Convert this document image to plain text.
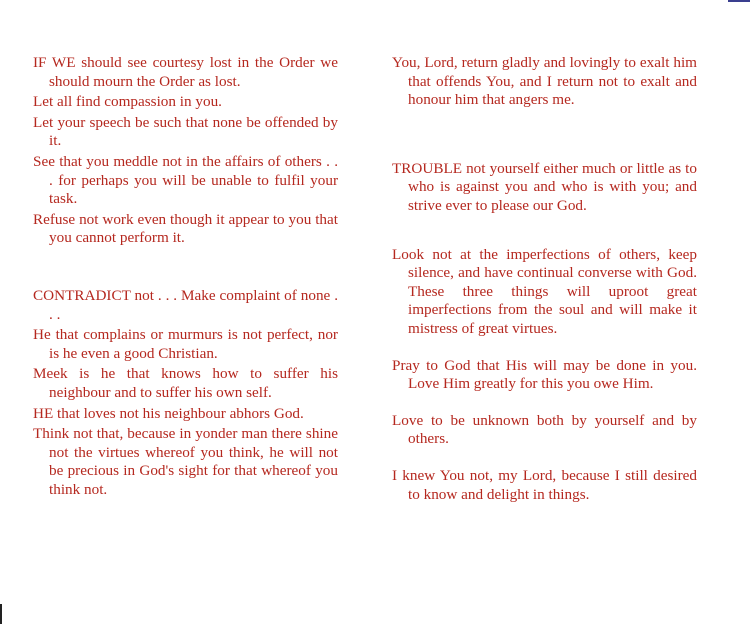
IF WE should see courtesy lost in the Order we should mourn the Order as lost.

Let all find compassion in you.

Let your speech be such that none be offended by it.

See that you meddle not in the affairs of others . . . for perhaps you will be unable to fulfil your task.

Refuse not work even though it appear to you that you cannot perform it.

CONTRADICT not . . . Make complaint of none . . .

He that complains or murmurs is not perfect, nor is he even a good Christian.

Meek is he that knows how to suffer his neighbour and to suffer his own self.

HE that loves not his neighbour abhors God.

Think not that, because in yonder man there shine not the virtues whereof you think, he will not be precious in God's sight for that whereof you think not.

You, Lord, return gladly and lovingly to exalt him that offends You, and I return not to exalt and honour him that angers me.

TROUBLE not yourself either much or little as to who is against you and who is with you; and strive ever to please our God.

Look not at the imperfections of others, keep silence, and have continual converse with God. These three things will uproot great imperfections from the soul and will make it mistress of great virtues.

Pray to God that His will may be done in you. Love Him greatly for this you owe Him.

Love to be unknown both by yourself and by others.

I knew You not, my Lord, because I still desired to know and delight in things.
